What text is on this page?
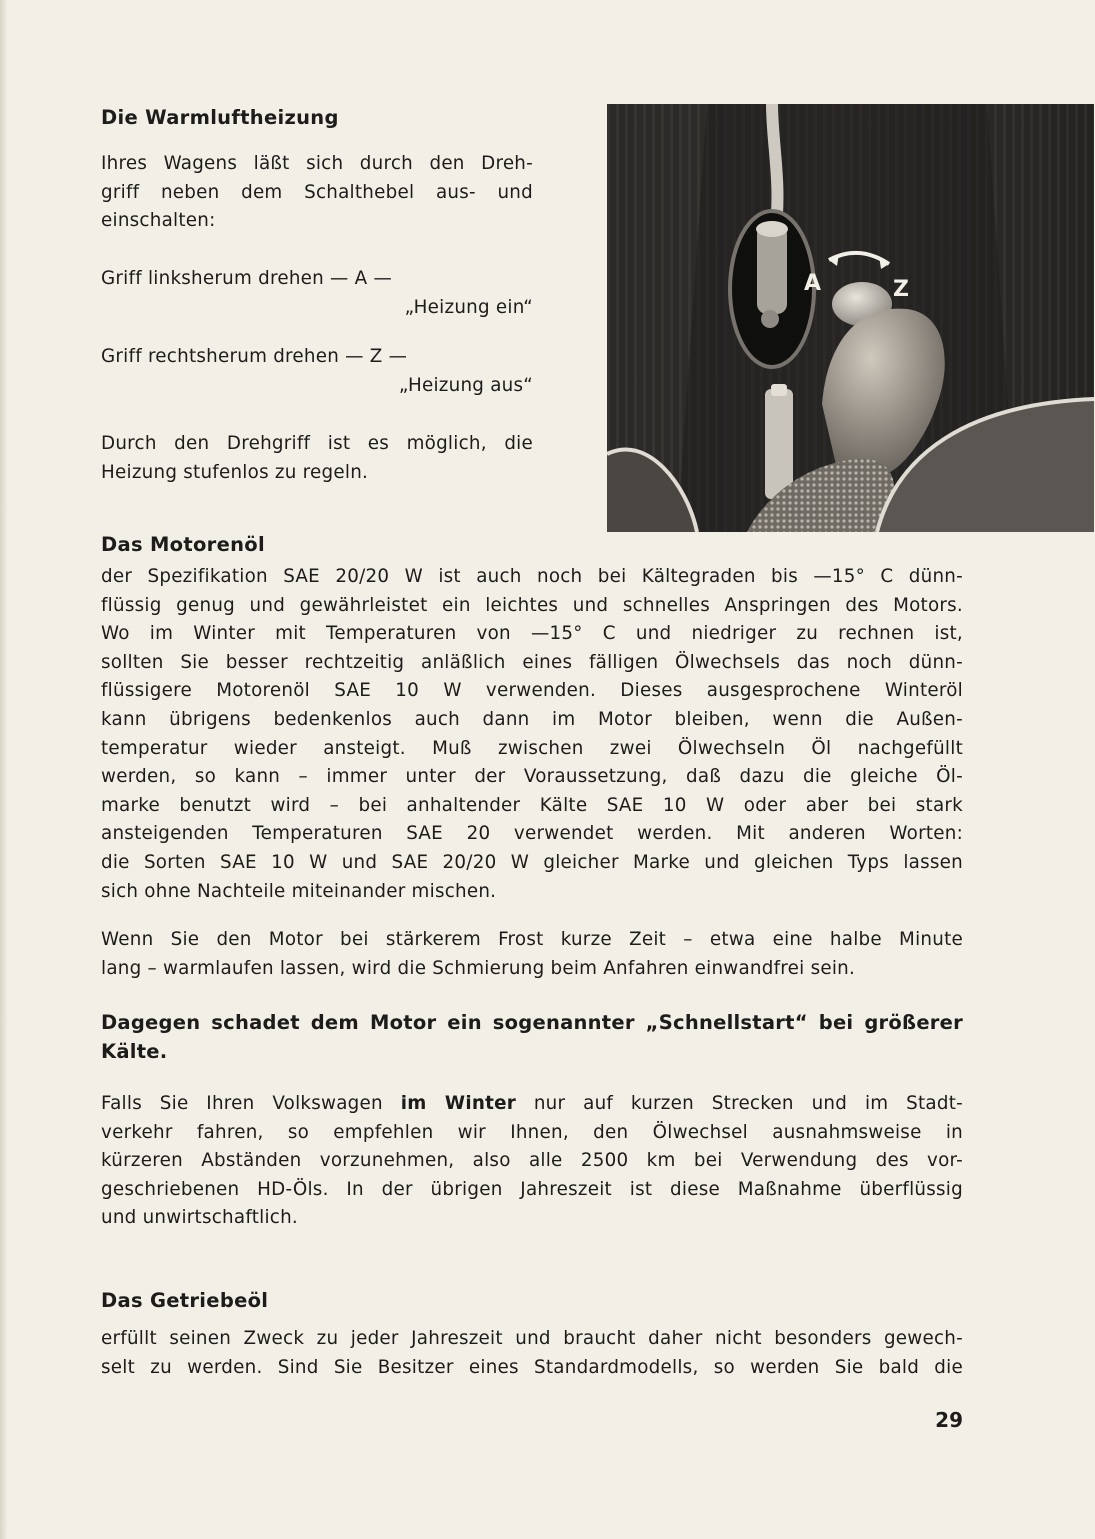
Die Warmluftheizung

Ihres Wagens läßt sich durch den Dreh-
griff neben dem Schalthebel aus- und
einschalten:

Griff linksherum drehen — A —
„Heizung ein“

Griff rechtsherum drehen — Z —
„Heizung aus“

Durch den Drehgriff ist es möglich, die
Heizung stufenlos zu regeln.

A	Z
Das Motorenöl

der Spezifikation SAE 20/20 W ist auch noch bei Kältegraden bis —15° C dünn-
flüssig genug und gewährleistet ein leichtes und schnelles Anspringen des Motors.
Wo im Winter mit Temperaturen von —15° C und niedriger zu rechnen ist,
sollten Sie besser rechtzeitig anläßlich eines fälligen Ölwechsels das noch dünn-
flüssigere Motorenöl SAE 10 W verwenden. Dieses ausgesprochene Winteröl
kann übrigens bedenkenlos auch dann im Motor bleiben, wenn die Außen-
temperatur wieder ansteigt. Muß zwischen zwei Ölwechseln Öl nachgefüllt
werden, so kann – immer unter der Voraussetzung, daß dazu die gleiche Öl-
marke benutzt wird – bei anhaltender Kälte SAE 10 W oder aber bei stark
ansteigenden Temperaturen SAE 20 verwendet werden. Mit anderen Worten:
die Sorten SAE 10 W und SAE 20/20 W gleicher Marke und gleichen Typs lassen
sich ohne Nachteile miteinander mischen.

Wenn Sie den Motor bei stärkerem Frost kurze Zeit – etwa eine halbe Minute
lang – warmlaufen lassen, wird die Schmierung beim Anfahren einwandfrei sein.

Dagegen schadet dem Motor ein sogenannter „Schnellstart“ bei größerer
Kälte.

Falls Sie Ihren Volkswagen im Winter nur auf kurzen Strecken und im Stadt-
verkehr fahren, so empfehlen wir Ihnen, den Ölwechsel ausnahmsweise in
kürzeren Abständen vorzunehmen, also alle 2500 km bei Verwendung des vor-
geschriebenen HD-Öls. In der übrigen Jahreszeit ist diese Maßnahme überflüssig
und unwirtschaftlich.

Das Getriebeöl

erfüllt seinen Zweck zu jeder Jahreszeit und braucht daher nicht besonders gewech-
selt zu werden. Sind Sie Besitzer eines Standardmodells, so werden Sie bald die

29
